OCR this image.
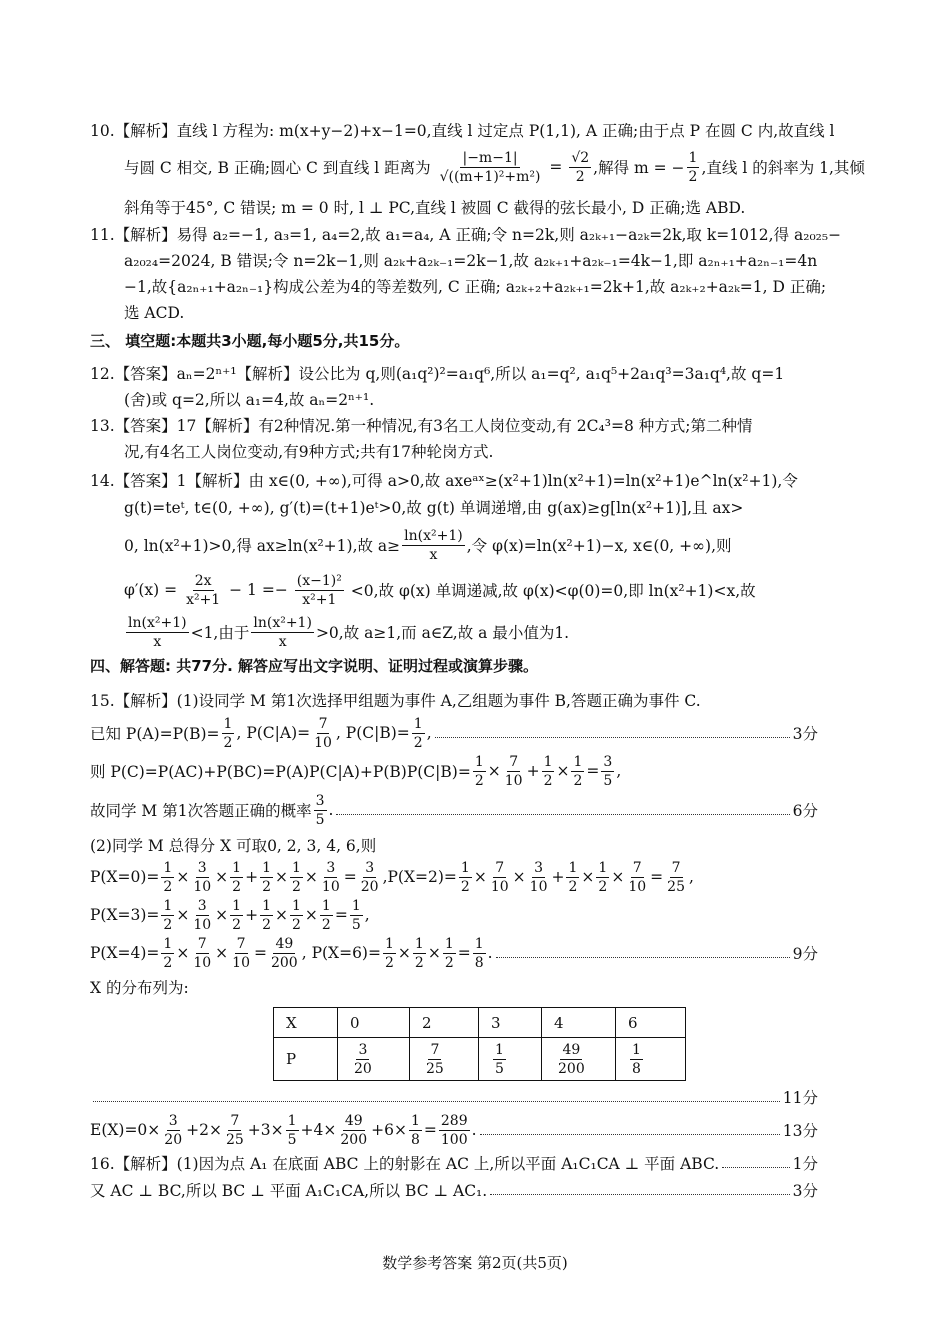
10.【解析】直线 l 方程为: m(x+y−2)+x−1=0,直线 l 过定点 P(1,1), A 正确;由于点 P 在圆 C 内,故直线 l
与圆 C 相交, B 正确;圆心 C 到直线 l 距离为 $\frac{|-m-1|}{\text{√((m+1)²+m²)}} = \frac{√2}{2}$ ,解得 m = − $\frac{1}{2}$ ,直线 l 的斜率为 1,其倾
斜角等于45°, C 错误; m = 0 时, l ⊥ PC,直线 l 被圆 C 截得的弦长最小, D 正确;选 ABD.
11.【解析】易得 a₂=−1, a₃=1, a₄=2,故 a₁=a₄, A 正确;令 n=2k,则 a₂ₖ₊₁−a₂ₖ=2k,取 k=1012,得 a₂₀₂₅−
a₂₀₂₄=2024, B 错误;令 n=2k−1,则 a₂ₖ+a₂ₖ₋₁=2k−1,故 a₂ₖ₊₁+a₂ₖ₋₁=4k−1,即 a₂ₙ₊₁+a₂ₙ₋₁=4n
−1,故{a₂ₙ₊₁+a₂ₙ₋₁}构成公差为4的等差数列, C 正确; a₂ₖ₊₂+a₂ₖ₊₁=2k+1,故 a₂ₖ₊₂+a₂ₖ=1, D 正确;
选 ACD.
三、 填空题:本题共3小题,每小题5分,共15分。
12.【答案】aₙ=2ⁿ⁺¹【解析】设公比为 q,则(a₁q²)²=a₁q⁶,所以 a₁=q², a₁q⁵+2a₁q³=3a₁q⁴,故 q=1
(舍)或 q=2,所以 a₁=4,故 aₙ=2ⁿ⁺¹.
13.【答案】17【解析】有2种情况.第一种情况,有3名工人岗位变动,有 2C₄³=8 种方式;第二种情
况,有4名工人岗位变动,有9种方式;共有17种轮岗方式.
14.【答案】1【解析】由 x∈(0, +∞),可得 a>0,故 axeᵃˣ≥(x²+1)ln(x²+1)=ln(x²+1)e^ln(x²+1),令
g(t)=teᵗ, t∈(0, +∞), g′(t)=(t+1)eᵗ>0,故 g(t) 单调递增,由 g(ax)≥g[ln(x²+1)],且 ax>
0, ln(x²+1)>0,得 ax≥ln(x²+1),故 $a\ge \frac{\text{ln(x²+1)}}{x}$ ,令 φ(x)=ln(x²+1)−x, x∈(0, +∞),则
$\varphi'(x) = \frac{2x}{\text{x²+1}} - 1 =- \frac{\text{(x−1)²}}{\text{x²+1}} <0$,故 φ(x) 单调递减,故 φ(x)<φ(0)=0,即 ln(x²+1)<x,故
$\frac{\text{ln(x²+1)}}{x} <1$,由于 $\frac{\text{ln(x²+1)}}{x} >0$,故 a≥1,而 a∈Z,故 a 最小值为1.
四、解答题: 共77分. 解答应写出文字说明、证明过程或演算步骤。
15.【解析】(1)设同学 M 第1次选择甲组题为事件 A,乙组题为事件 B,答题正确为事件 C.
已知 $P(A)=P(B)= \frac{1}{2}$ , $P(C|A)= \frac{7}{10}$ , $P(C|B)= \frac{1}{2}$ ,	3分
则 $P(C)=P(AC)+P(BC)=P(A)P(C|A)+P(B)P(C|B)= \frac{1}{2} \times \frac{7}{10} + \frac{1}{2} \times \frac{1}{2} = \frac{3}{5}$ ,
故同学 M 第1次答题正确的概率 $\frac{3}{5}$ .	6分
(2)同学 M 总得分 X 可取0, 2, 3, 4, 6,则
$P(X=0)= \frac{1}{2} \times \frac{3}{10} \times \frac{1}{2} + \frac{1}{2} \times \frac{1}{2} \times \frac{3}{10} = \frac{3}{20} ,P(X=2)= \frac{1}{2} \times \frac{7}{10} \times \frac{3}{10} + \frac{1}{2} \times \frac{1}{2} \times \frac{7}{10} = \frac{7}{25}$ ,
$P(X=3)= \frac{1}{2} \times \frac{3}{10} \times \frac{1}{2} + \frac{1}{2} \times \frac{1}{2} \times \frac{1}{2} = \frac{1}{5}$ ,
$P(X=4)= \frac{1}{2} \times \frac{7}{10} \times \frac{7}{10} = \frac{49}{200}$ , $P(X=6)= \frac{1}{2} \times \frac{1}{2} \times \frac{1}{2} = \frac{1}{8}$ .	9分
X 的分布列为:
11分
$E(X)=0\times \frac{3}{20} +2\times \frac{7}{25} +3\times \frac{1}{5} +4\times \frac{49}{200} +6\times \frac{1}{8} = \frac{289}{100}$ .	13分
16.【解析】(1)因为点 A₁ 在底面 ABC 上的射影在 AC 上,所以平面 A₁C₁CA ⊥ 平面 ABC.	1分
又 AC ⊥ BC,所以 BC ⊥ 平面 A₁C₁CA,所以 BC ⊥ AC₁.	3分
X	0	2	3	4	6
P	$\frac{3}{20}$	$\frac{7}{25}$	$\frac{1}{5}$	$\frac{49}{200}$	$\frac{1}{8}$
数学参考答案 第2页(共5页)
